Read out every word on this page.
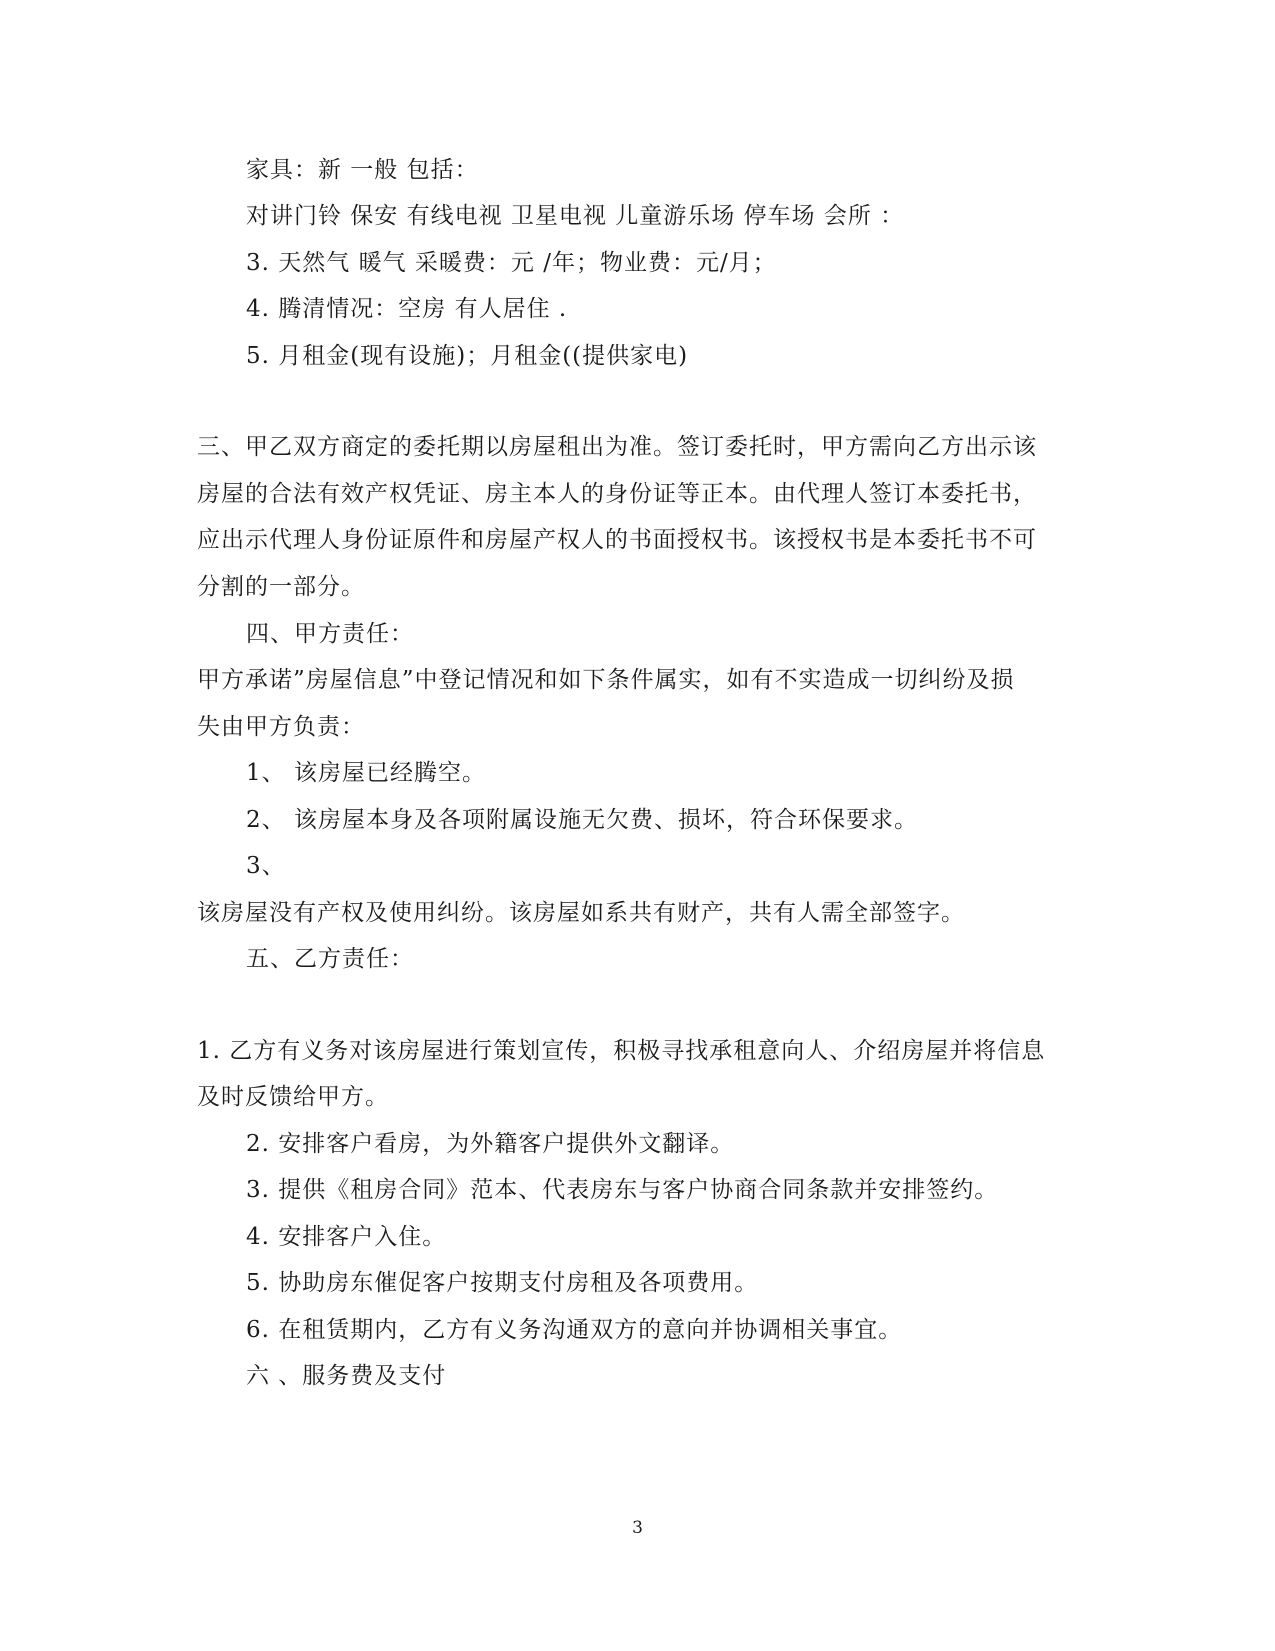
家具：新 一般 包括：
对讲门铃 保安 有线电视 卫星电视 儿童游乐场 停车场 会所 ：
3. 天然气 暖气 采暖费：元 /年；物业费：元/月；
4. 腾清情况：空房 有人居住 .
5. 月租金(现有设施)；月租金((提供家电)
三、甲乙双方商定的委托期以房屋租出为准。签订委托时，甲方需向乙方出示该
房屋的合法有效产权凭证、房主本人的身份证等正本。由代理人签订本委托书，
应出示代理人身份证原件和房屋产权人的书面授权书。该授权书是本委托书不可
分割的一部分。
四、甲方责任：
甲方承诺”房屋信息”中登记情况和如下条件属实，如有不实造成一切纠纷及损
失由甲方负责：
1、 该房屋已经腾空。
2、 该房屋本身及各项附属设施无欠费、损坏，符合环保要求。
3、
该房屋没有产权及使用纠纷。该房屋如系共有财产，共有人需全部签字。
五、乙方责任：
1. 乙方有义务对该房屋进行策划宣传，积极寻找承租意向人、介绍房屋并将信息
及时反馈给甲方。
2. 安排客户看房，为外籍客户提供外文翻译。
3. 提供《租房合同》范本、代表房东与客户协商合同条款并安排签约。
4. 安排客户入住。
5. 协助房东催促客户按期支付房租及各项费用。
6. 在租赁期内，乙方有义务沟通双方的意向并协调相关事宜。
六 、服务费及支付
3
